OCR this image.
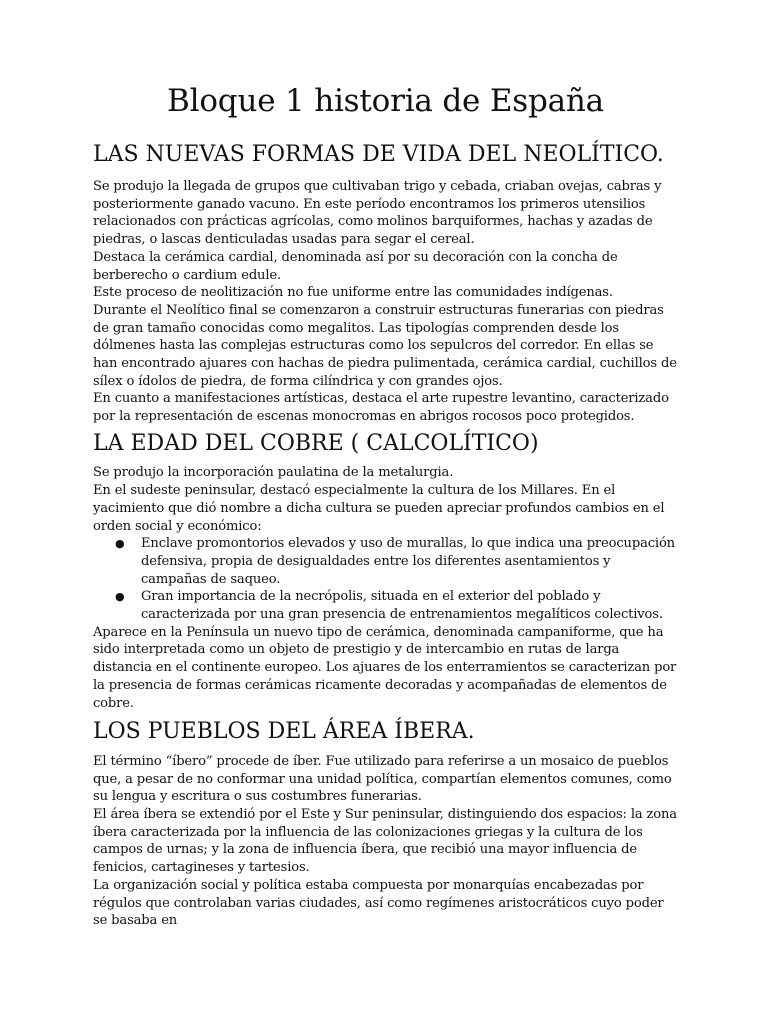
Bloque 1 historia de España
LAS NUEVAS FORMAS DE VIDA DEL NEOLÍTICO.

Se produjo la llegada de grupos que cultivaban trigo y cebada, criaban ovejas, cabras y posteriormente ganado vacuno. En este período encontramos los primeros utensilios relacionados con prácticas agrícolas, como molinos barquiformes, hachas y azadas de piedras, o lascas denticuladas usadas para segar el cereal.

Destaca la cerámica cardial, denominada así por su decoración con la concha de berberecho o cardium edule.

Este proceso de neolitización no fue uniforme entre las comunidades indígenas.

Durante el Neolítico final se comenzaron a construir estructuras funerarias con piedras de gran tamaño conocidas como megalitos. Las tipologías comprenden desde los dólmenes hasta las complejas estructuras como los sepulcros del corredor. En ellas se han encontrado ajuares con hachas de piedra pulimentada, cerámica cardial, cuchillos de sílex o ídolos de piedra, de forma cilíndrica y con grandes ojos.

En cuanto a manifestaciones artísticas, destaca el arte rupestre levantino, caracterizado por la representación de escenas monocromas en abrigos rocosos poco protegidos.

LA EDAD DEL COBRE ( CALCOLÍTICO)

Se produjo la incorporación paulatina de la metalurgia.

En el sudeste peninsular, destacó especialmente la cultura de los Millares. En el yacimiento que dió nombre a dicha cultura se pueden apreciar profundos cambios en el orden social y económico:

● Enclave promontorios elevados y uso de murallas, lo que indica una preocupación defensiva, propia de desigualdades entre los diferentes asentamientos y campañas de saqueo.
● Gran importancia de la necrópolis, situada en el exterior del poblado y caracterizada por una gran presencia de entrenamientos megalíticos colectivos.

Aparece en la Península un nuevo tipo de cerámica, denominada campaniforme, que ha sido interpretada como un objeto de prestigio y de intercambio en rutas de larga distancia en el continente europeo. Los ajuares de los enterramientos se caracterizan por la presencia de formas cerámicas ricamente decoradas y acompañadas de elementos de cobre.

LOS PUEBLOS DEL ÁREA ÍBERA.

El término “íbero” procede de íber. Fue utilizado para referirse a un mosaico de pueblos que, a pesar de no conformar una unidad política, compartían elementos comunes, como su lengua y escritura o sus costumbres funerarias.

El área íbera se extendió por el Este y Sur peninsular, distinguiendo dos espacios: la zona íbera caracterizada por la influencia de las colonizaciones griegas y la cultura de los campos de urnas; y la zona de influencia íbera, que recibió una mayor influencia de fenicios, cartagineses y tartesios.

La organización social y política estaba compuesta por monarquías encabezadas por régulos que controlaban varias ciudades, así como regímenes aristocráticos cuyo poder se basaba en
